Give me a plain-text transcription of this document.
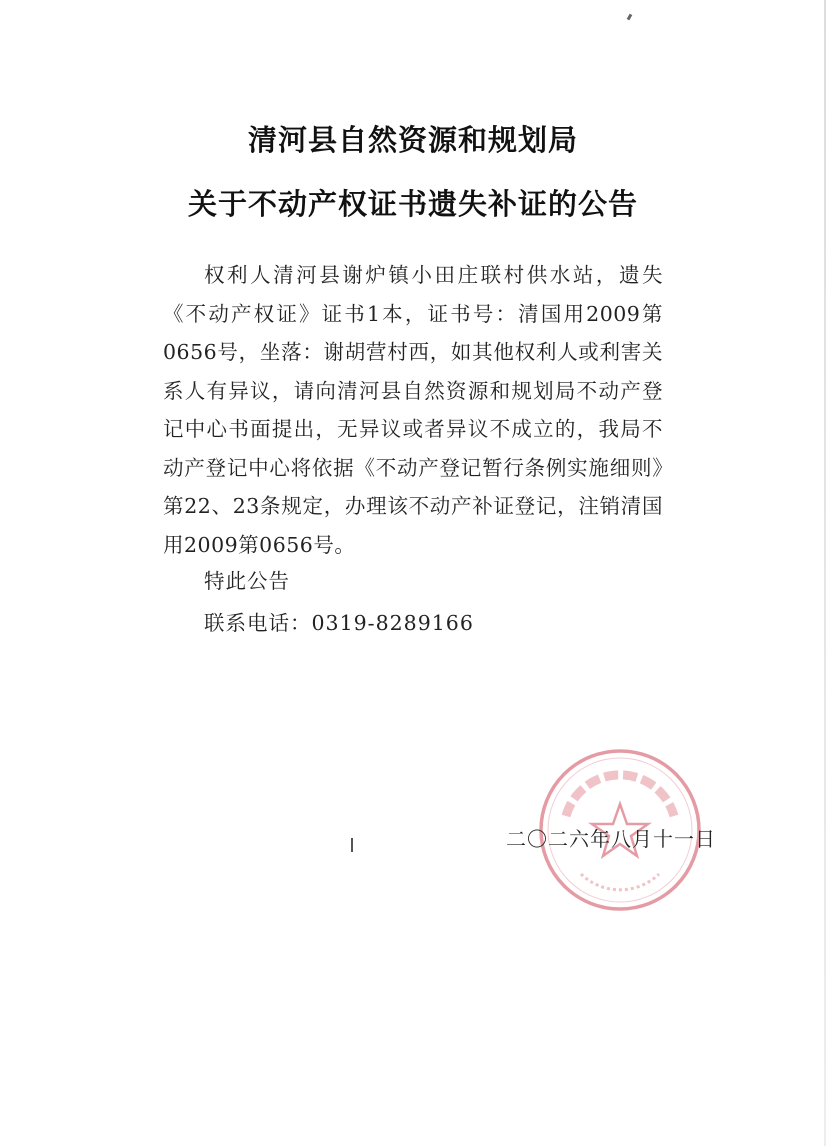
清河县自然资源和规划局
关于不动产权证书遗失补证的公告

权利人清河县谢炉镇小田庄联村供水站，遗失《不动产权证》证书1本，证书号：清国用2009第0656号，坐落：谢胡营村西，如其他权利人或利害关系人有异议，请向清河县自然资源和规划局不动产登记中心书面提出，无异议或者异议不成立的，我局不动产登记中心将依据《不动产登记暂行条例实施细则》第22、23条规定，办理该不动产补证登记，注销清国用2009第0656号。

特此公告
联系电话：0319-8289166
二〇二六年八月十一日
